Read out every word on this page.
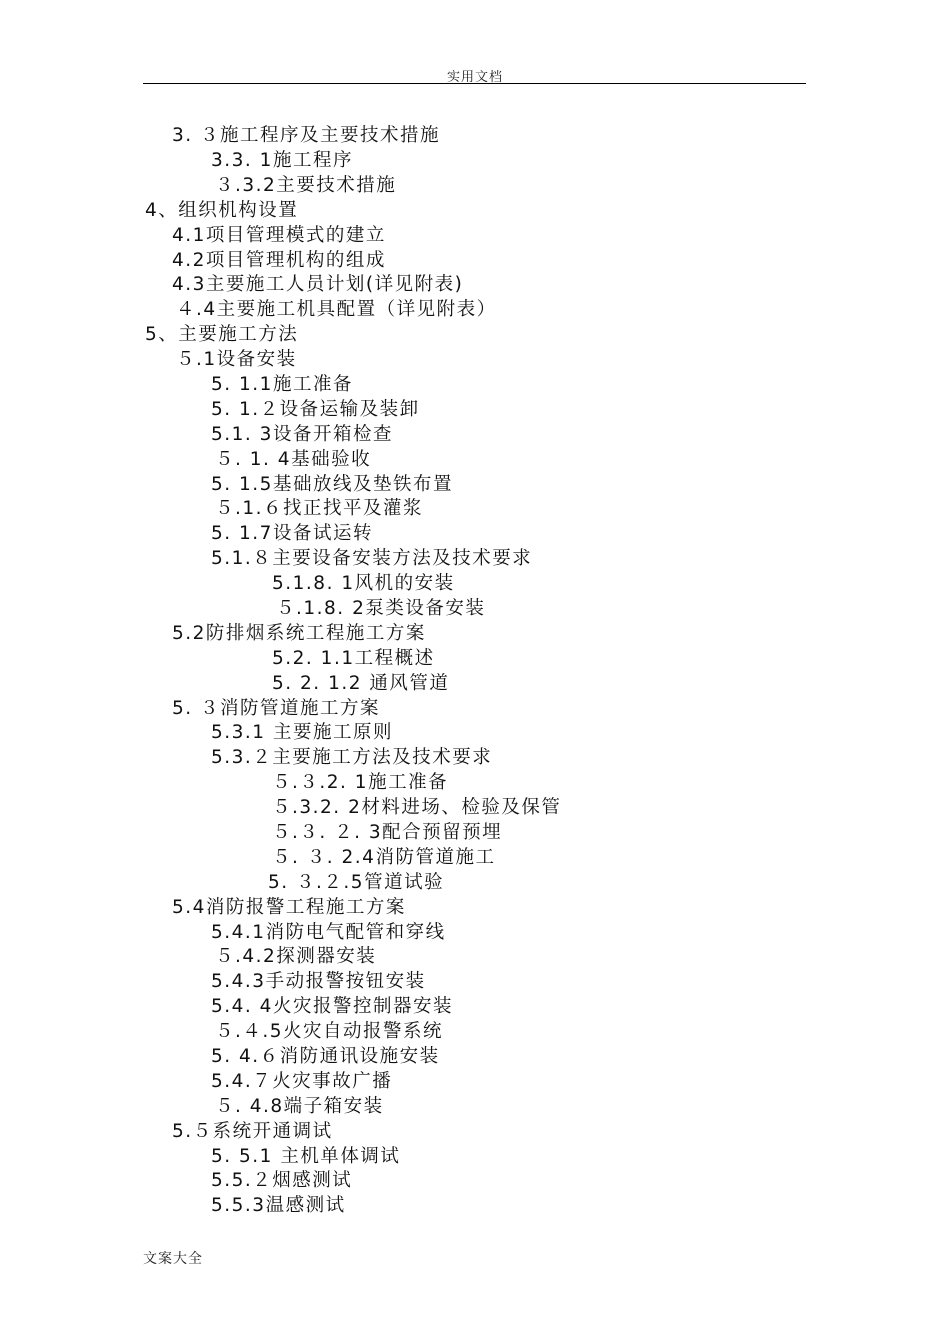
实用文档
3. ３施工程序及主要技术措施
3.3. 1施工程序
３.3.2主要技术措施
4、组织机构设置
4.1项目管理模式的建立
4.2项目管理机构的组成
4.3主要施工人员计划(详见附表)
４.4主要施工机具配置（详见附表）
5、主要施工方法
５.1设备安装
5. 1.1施工准备
5. 1.２设备运输及装卸
5.1. 3设备开箱检查
５. 1. 4基础验收
5. 1.5基础放线及垫铁布置
５.1.６找正找平及灌浆
5. 1.7设备试运转
5.1.８主要设备安装方法及技术要求
5.1.8. 1风机的安装
５.1.8. 2泵类设备安装
5.2防排烟系统工程施工方案
5.2. 1.1工程概述
5. 2. 1.2 通风管道
5. ３消防管道施工方案
5.3.1 主要施工原则
5.3.２主要施工方法及技术要求
５.３.2. 1施工准备
５.3.2. 2材料进场、检验及保管
５.３. ２. 3配合预留预埋
５. ３. 2.4消防管道施工
5. ３.２.5管道试验
5.4消防报警工程施工方案
5.4.1消防电气配管和穿线
５.4.2探测器安装
5.4.3手动报警按钮安装
5.4. 4火灾报警控制器安装
５.４.5火灾自动报警系统
5. 4.６消防通讯设施安装
5.4.７火灾事故广播
５. 4.8端子箱安装
5.５系统开通调试
5. 5.1 主机单体调试
5.5.２烟感测试
5.5.3温感测试
文案大全
